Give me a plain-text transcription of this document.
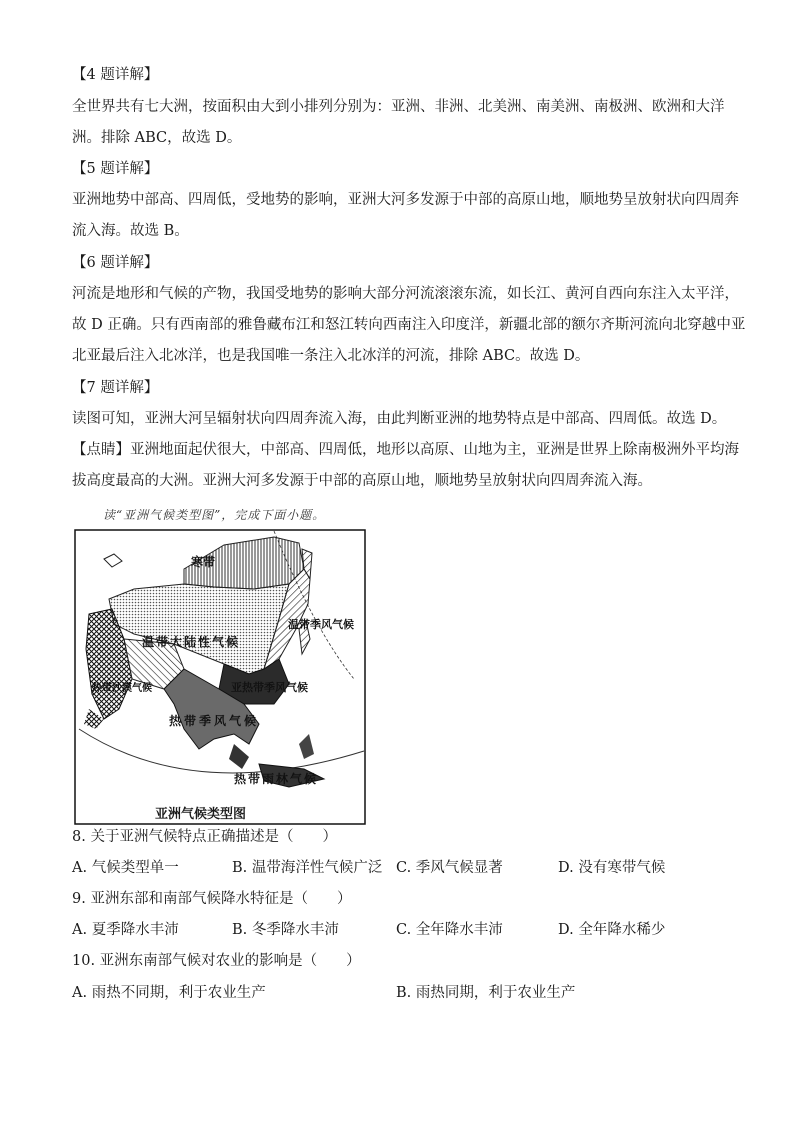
【4 题详解】
全世界共有七大洲，按面积由大到小排列分别为：亚洲、非洲、北美洲、南美洲、南极洲、欧洲和大洋
洲。排除 ABC，故选 D。
【5 题详解】
亚洲地势中部高、四周低，受地势的影响，亚洲大河多发源于中部的高原山地，顺地势呈放射状向四周奔
流入海。故选 B。
【6 题详解】
河流是地形和气候的产物，我国受地势的影响大部分河流滚滚东流，如长江、黄河自西向东注入太平洋，
故 D 正确。只有西南部的雅鲁藏布江和怒江转向西南注入印度洋，新疆北部的额尔齐斯河流向北穿越中亚
北亚最后注入北冰洋，也是我国唯一条注入北冰洋的河流，排除 ABC。故选 D。
【7 题详解】
读图可知，亚洲大河呈辐射状向四周奔流入海，由此判断亚洲的地势特点是中部高、四周低。故选 D。
【点睛】亚洲地面起伏很大，中部高、四周低，地形以高原、山地为主，亚洲是世界上除南极洲外平均海
拔高度最高的大洲。亚洲大河多发源于中部的高原山地，顺地势呈放射状向四周奔流入海。
读“亚洲气候类型图”，完成下面小题。
寒带
温带大陆性气候
温带季风气候
亚热带季风气候
热带沙漠气候
热带季风气候
热带雨林气候
亚洲气候类型图
8. 关于亚洲气候特点正确描述是（　　）
A. 气候类型单一	B. 温带海洋性气候广泛 C. 季风气候显著	D. 没有寒带气候
9. 亚洲东部和南部气候降水特征是（　　）
A. 夏季降水丰沛	B. 冬季降水丰沛	C. 全年降水丰沛	D. 全年降水稀少
10. 亚洲东南部气候对农业的影响是（　　）
A. 雨热不同期，利于农业生产	B. 雨热同期，利于农业生产
